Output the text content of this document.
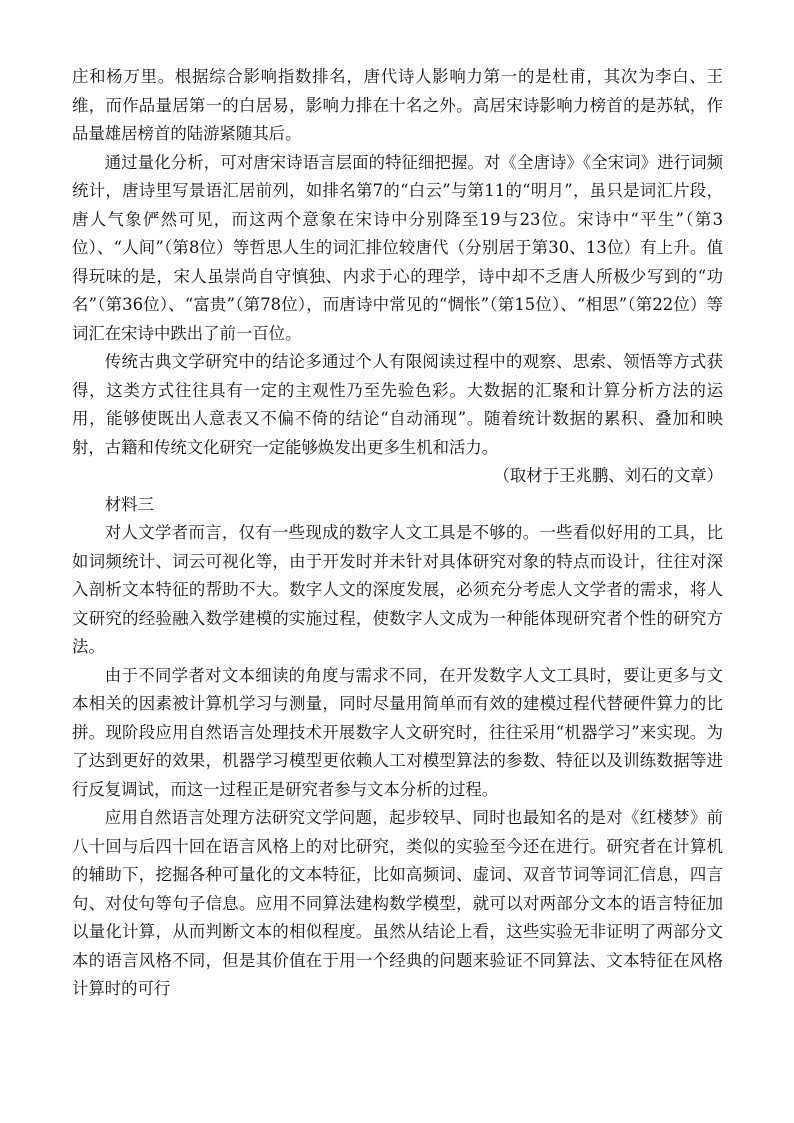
庄和杨万里。根据综合影响指数排名，唐代诗人影响力第一的是杜甫，其次为李白、王维，而作品量居第一的白居易，影响力排在十名之外。高居宋诗影响力榜首的是苏轼，作品量雄居榜首的陆游紧随其后。

通过量化分析，可对唐宋诗语言层面的特征细把握。对《全唐诗》《全宋词》进行词频统计，唐诗里写景语汇居前列，如排名第7的“白云”与第11的“明月”，虽只是词汇片段，唐人气象俨然可见，而这两个意象在宋诗中分别降至19与23位。宋诗中“平生”（第3位）、“人间”（第8位）等哲思人生的词汇排位较唐代（分别居于第30、13位）有上升。值得玩味的是，宋人虽崇尚自守慎独、内求于心的理学，诗中却不乏唐人所极少写到的“功名”（第36位）、“富贵”（第78位），而唐诗中常见的“惆怅”（第15位）、“相思”（第22位）等词汇在宋诗中跌出了前一百位。

传统古典文学研究中的结论多通过个人有限阅读过程中的观察、思索、领悟等方式获得，这类方式往往具有一定的主观性乃至先验色彩。大数据的汇聚和计算分析方法的运用，能够使既出人意表又不偏不倚的结论“自动涌现”。随着统计数据的累积、叠加和映射，古籍和传统文化研究一定能够焕发出更多生机和活力。

（取材于王兆鹏、刘石的文章）

材料三

对人文学者而言，仅有一些现成的数字人文工具是不够的。一些看似好用的工具，比如词频统计、词云可视化等，由于开发时并未针对具体研究对象的特点而设计，往往对深入剖析文本特征的帮助不大。数字人文的深度发展，必须充分考虑人文学者的需求，将人文研究的经验融入数学建模的实施过程，使数字人文成为一种能体现研究者个性的研究方法。

由于不同学者对文本细读的角度与需求不同，在开发数字人文工具时，要让更多与文本相关的因素被计算机学习与测量，同时尽量用简单而有效的建模过程代替硬件算力的比拼。现阶段应用自然语言处理技术开展数字人文研究时，往往采用“机器学习”来实现。为了达到更好的效果，机器学习模型更依赖人工对模型算法的参数、特征以及训练数据等进行反复调试，而这一过程正是研究者参与文本分析的过程。

应用自然语言处理方法研究文学问题，起步较早、同时也最知名的是对《红楼梦》前八十回与后四十回在语言风格上的对比研究，类似的实验至今还在进行。研究者在计算机的辅助下，挖掘各种可量化的文本特征，比如高频词、虚词、双音节词等词汇信息，四言句、对仗句等句子信息。应用不同算法建构数学模型，就可以对两部分文本的语言特征加以量化计算，从而判断文本的相似程度。虽然从结论上看，这些实验无非证明了两部分文本的语言风格不同，但是其价值在于用一个经典的问题来验证不同算法、文本特征在风格计算时的可行
